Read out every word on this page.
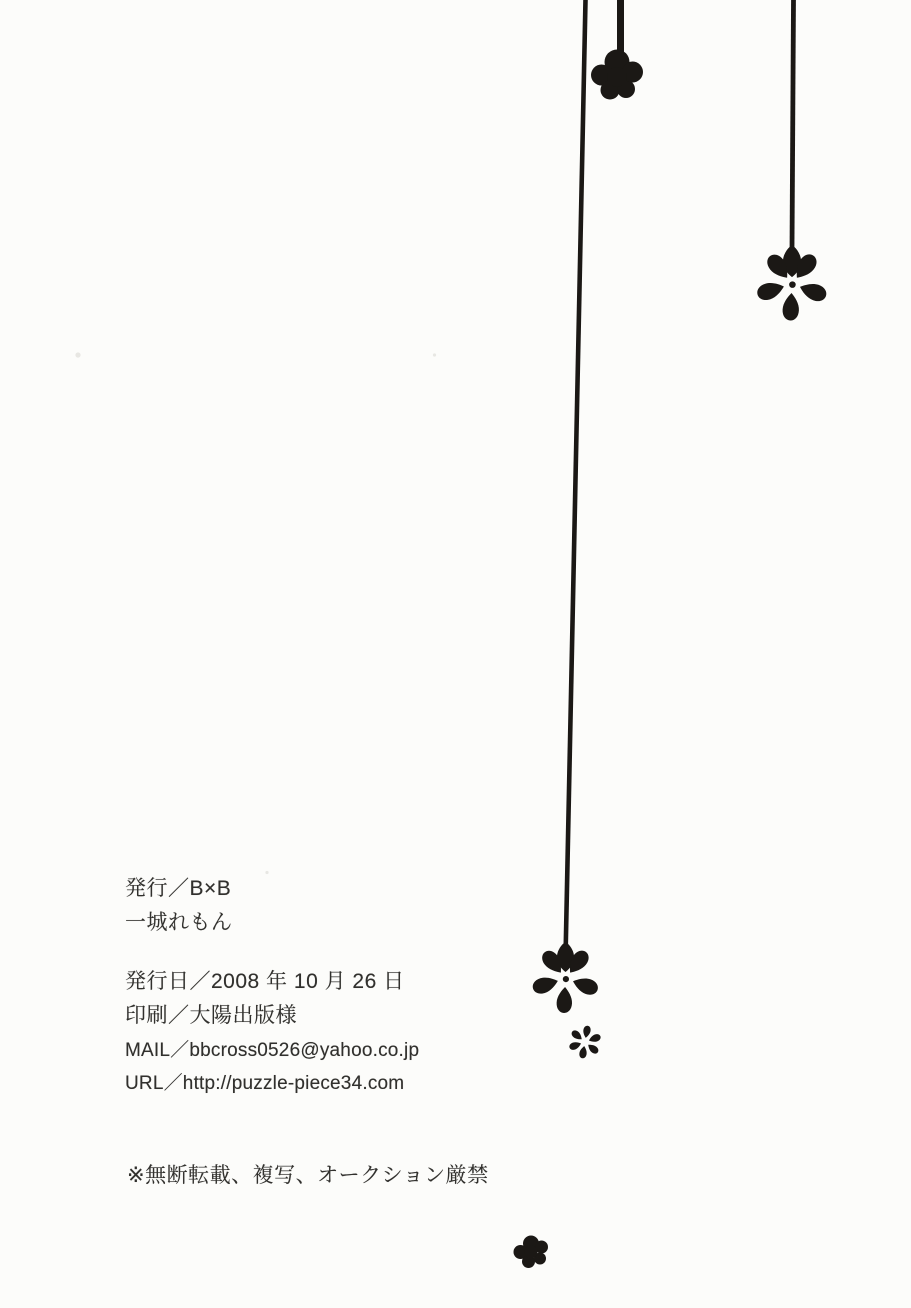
発行／B×B
一城れもん
発行日／2008 年 10 月 26 日
印刷／大陽出版様
MAIL／bbcross0526@yahoo.co.jp
URL／http://puzzle-piece34.com
※無断転載、複写、オークション厳禁
